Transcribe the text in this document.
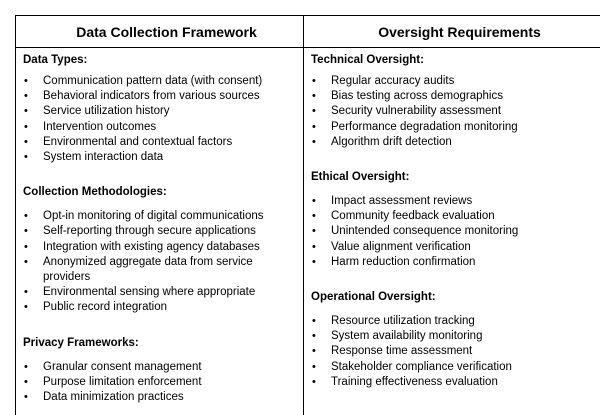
Data Collection Framework

Data Types:

• Communication pattern data (with consent)
• Behavioral indicators from various sources
• Service utilization history
• Intervention outcomes
• Environmental and contextual factors
• System interaction data

Collection Methodologies:

• Opt-in monitoring of digital communications
• Self-reporting through secure applications
• Integration with existing agency databases
• Anonymized aggregate data from service providers
• Environmental sensing where appropriate
• Public record integration

Privacy Frameworks:

• Granular consent management
• Purpose limitation enforcement
• Data minimization practices
Oversight Requirements

Technical Oversight:

• Regular accuracy audits
• Bias testing across demographics
• Security vulnerability assessment
• Performance degradation monitoring
• Algorithm drift detection

Ethical Oversight:

• Impact assessment reviews
• Community feedback evaluation
• Unintended consequence monitoring
• Value alignment verification
• Harm reduction confirmation

Operational Oversight:

• Resource utilization tracking
• System availability monitoring
• Response time assessment
• Stakeholder compliance verification
• Training effectiveness evaluation
